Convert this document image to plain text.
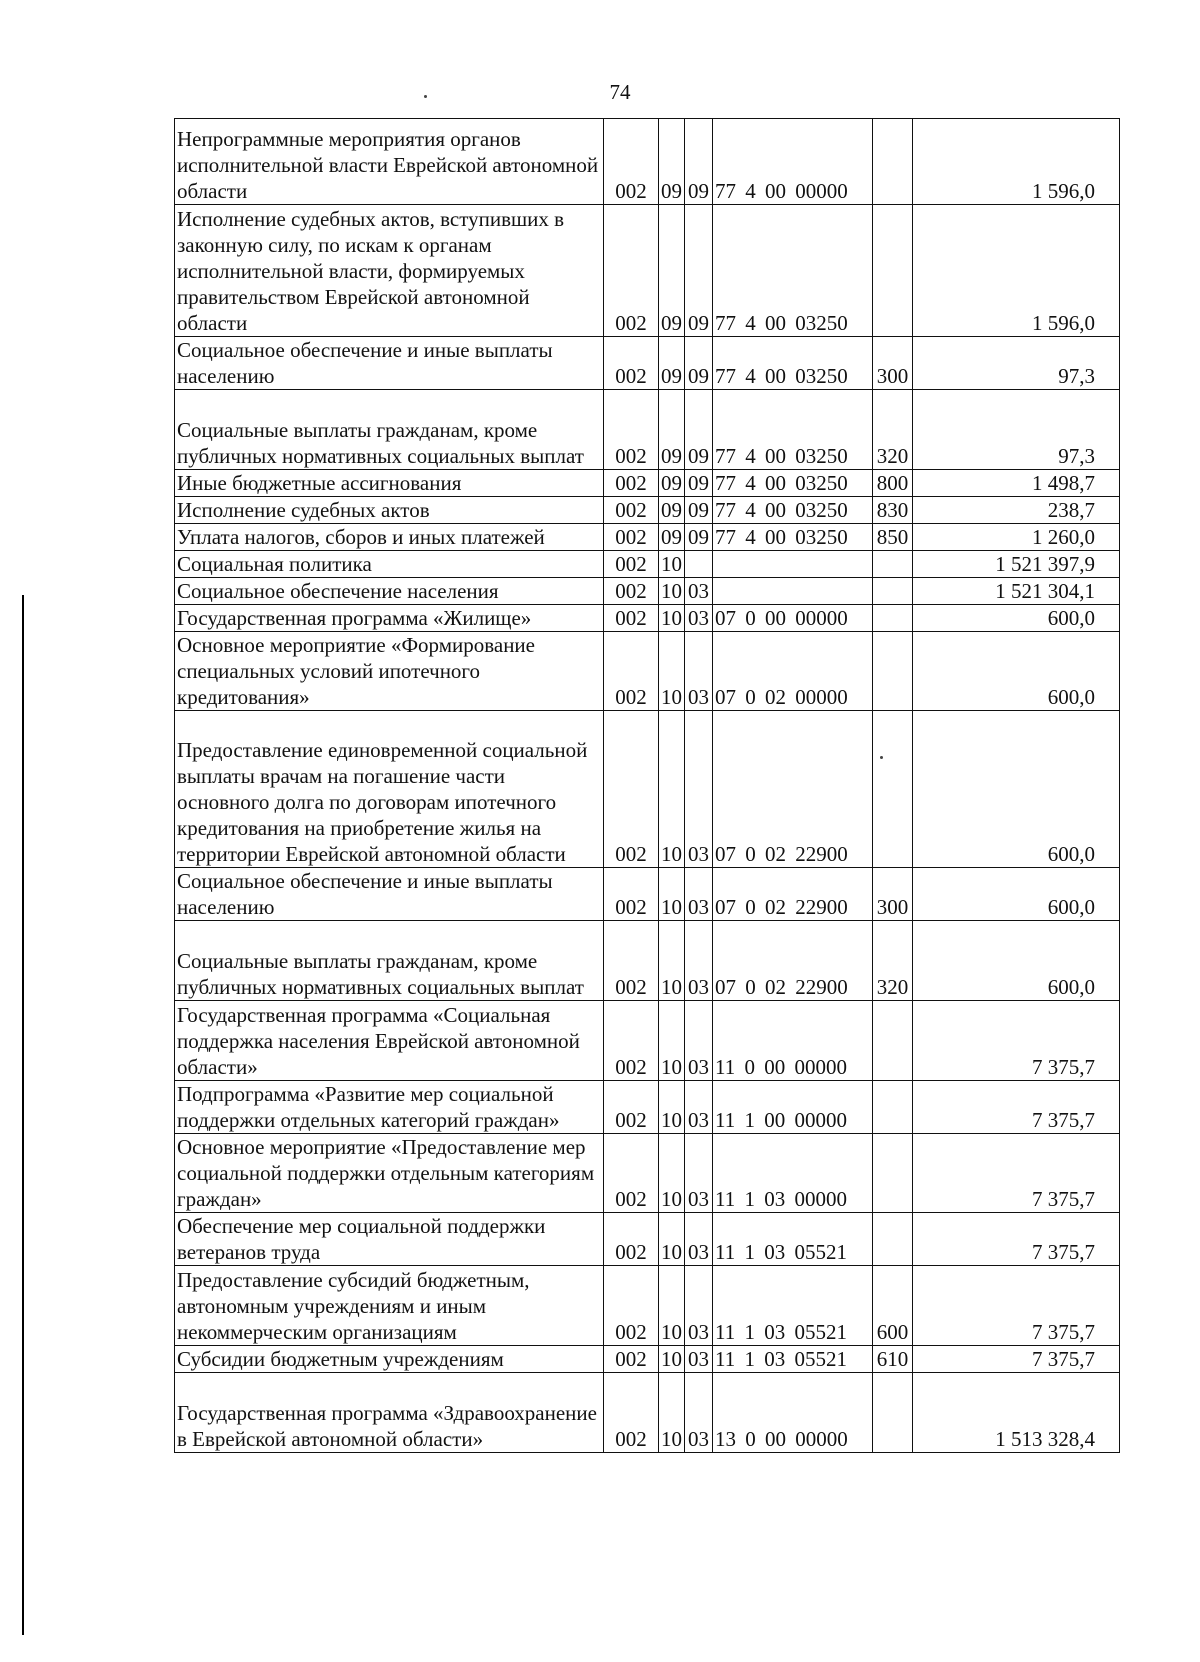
74
Непрограммные мероприятия органов исполнительной власти Еврейской автономной области	002	09	09	77 4 00 00000		1 596,0
Исполнение судебных актов, вступивших в законную силу, по искам к органам исполнительной власти, формируемых правительством Еврейской автономной области	002	09	09	77 4 00 03250		1 596,0
Социальное обеспечение и иные выплаты населению	002	09	09	77 4 00 03250	300	97,3
Социальные выплаты гражданам, кроме публичных нормативных социальных выплат	002	09	09	77 4 00 03250	320	97,3
Иные бюджетные ассигнования	002	09	09	77 4 00 03250	800	1 498,7
Исполнение судебных актов	002	09	09	77 4 00 03250	830	238,7
Уплата налогов, сборов и иных платежей	002	09	09	77 4 00 03250	850	1 260,0
Социальная политика	002	10				1 521 397,9
Социальное обеспечение населения	002	10	03			1 521 304,1
Государственная программа «Жилище»	002	10	03	07 0 00 00000		600,0
Основное мероприятие «Формирование специальных условий ипотечного кредитования»	002	10	03	07 0 02 00000		600,0
Предоставление единовременной социальной выплаты врачам на погашение части основного долга по договорам ипотечного кредитования на приобретение жилья на территории Еврейской автономной области	002	10	03	07 0 02 22900		600,0
Социальное обеспечение и иные выплаты населению	002	10	03	07 0 02 22900	300	600,0
Социальные выплаты гражданам, кроме публичных нормативных социальных выплат	002	10	03	07 0 02 22900	320	600,0
Государственная программа «Социальная поддержка населения Еврейской автономной области»	002	10	03	11 0 00 00000		7 375,7
Подпрограмма «Развитие мер социальной поддержки отдельных категорий граждан»	002	10	03	11 1 00 00000		7 375,7
Основное мероприятие «Предоставление мер социальной поддержки отдельным категориям граждан»	002	10	03	11 1 03 00000		7 375,7
Обеспечение мер социальной поддержки ветеранов труда	002	10	03	11 1 03 05521		7 375,7
Предоставление субсидий бюджетным, автономным учреждениям и иным некоммерческим организациям	002	10	03	11 1 03 05521	600	7 375,7
Субсидии бюджетным учреждениям	002	10	03	11 1 03 05521	610	7 375,7
Государственная программа «Здравоохранение в Еврейской автономной области»	002	10	03	13 0 00 00000		1 513 328,4
